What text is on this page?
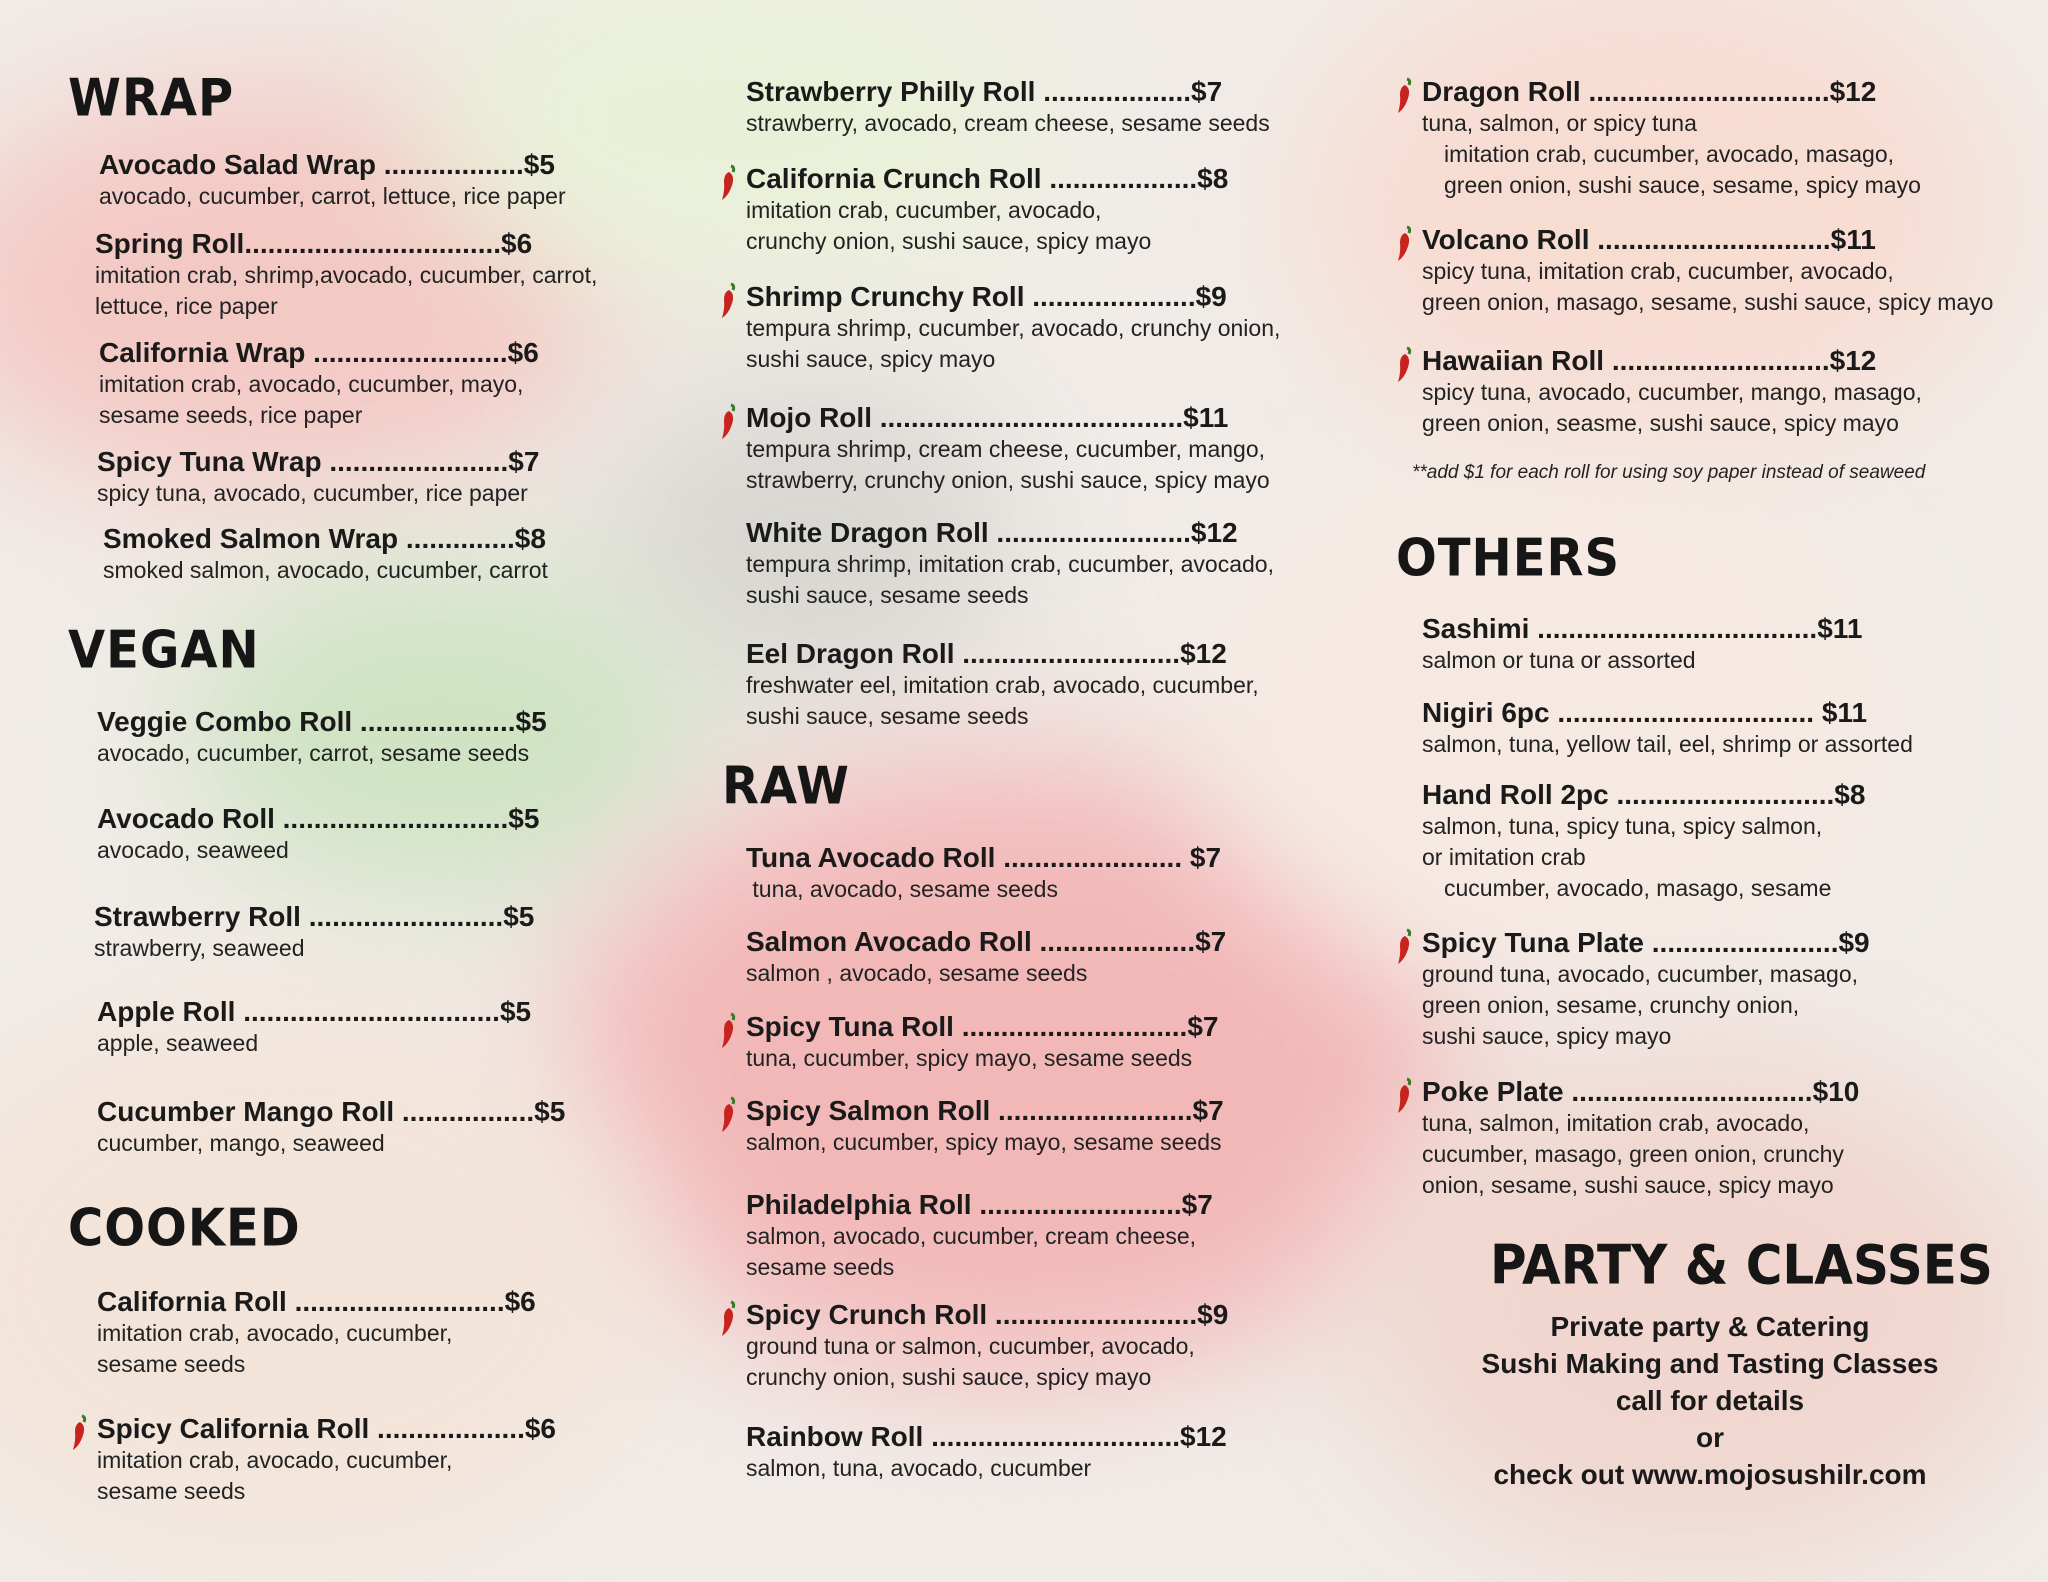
WRAP
Avocado Salad Wrap ..................$5
avocado, cucumber, carrot, lettuce, rice paper
Spring Roll.................................$6
imitation crab, shrimp,avocado, cucumber, carrot,
lettuce, rice paper
California Wrap .........................$6
imitation crab, avocado, cucumber, mayo,
sesame seeds, rice paper
Spicy Tuna Wrap .......................$7
spicy tuna, avocado, cucumber, rice paper
Smoked Salmon Wrap ..............$8
smoked salmon, avocado, cucumber, carrot
VEGAN
Veggie Combo Roll ....................$5
avocado, cucumber, carrot, sesame seeds
Avocado Roll .............................$5
avocado, seaweed
Strawberry Roll .........................$5
strawberry, seaweed
Apple Roll .................................$5
apple, seaweed
Cucumber Mango Roll .................$5
cucumber, mango, seaweed
COOKED
California Roll ...........................$6
imitation crab, avocado, cucumber,
sesame seeds
Spicy California Roll ...................$6
imitation crab, avocado, cucumber,
sesame seeds
Strawberry Philly Roll ...................$7
strawberry, avocado, cream cheese, sesame seeds
California Crunch Roll ...................$8
imitation crab, cucumber, avocado,
crunchy onion, sushi sauce, spicy mayo
Shrimp Crunchy Roll .....................$9
tempura shrimp, cucumber, avocado, crunchy onion,
sushi sauce, spicy mayo
Mojo Roll .......................................$11
tempura shrimp, cream cheese, cucumber, mango,
strawberry, crunchy onion, sushi sauce, spicy mayo
White Dragon Roll .........................$12
tempura shrimp, imitation crab, cucumber, avocado,
sushi sauce, sesame seeds
Eel Dragon Roll ............................$12
freshwater eel, imitation crab, avocado, cucumber,
sushi sauce, sesame seeds
RAW
Tuna Avocado Roll ....................... $7
tuna, avocado, sesame seeds
Salmon Avocado Roll ....................$7
salmon , avocado, sesame seeds
Spicy Tuna Roll .............................$7
tuna, cucumber, spicy mayo, sesame seeds
Spicy Salmon Roll .........................$7
salmon, cucumber, spicy mayo, sesame seeds
Philadelphia Roll ..........................$7
salmon, avocado, cucumber, cream cheese,
sesame seeds
Spicy Crunch Roll ..........................$9
ground tuna or salmon, cucumber, avocado,
crunchy onion, sushi sauce, spicy mayo
Rainbow Roll ................................$12
salmon, tuna, avocado, cucumber
Dragon Roll ...............................$12
tuna, salmon, or spicy tuna
imitation crab, cucumber, avocado, masago,
green onion, sushi sauce, sesame, spicy mayo
Volcano Roll ..............................$11
spicy tuna, imitation crab, cucumber, avocado,
green onion, masago, sesame, sushi sauce, spicy mayo
Hawaiian Roll ............................$12
spicy tuna, avocado, cucumber, mango, masago,
green onion, seasme, sushi sauce, spicy mayo
**add $1 for each roll for using soy paper instead of seaweed
OTHERS
Sashimi ....................................$11
salmon or tuna or assorted
Nigiri 6pc ................................. $11
salmon, tuna, yellow tail, eel, shrimp or assorted
Hand Roll 2pc ............................$8
salmon, tuna, spicy tuna, spicy salmon,
or imitation crab
cucumber, avocado, masago, sesame
Spicy Tuna Plate ........................$9
ground tuna, avocado, cucumber, masago,
green onion, sesame, crunchy onion,
sushi sauce, spicy mayo
Poke Plate ...............................$10
tuna, salmon, imitation crab, avocado,
cucumber, masago, green onion, crunchy
onion, sesame, sushi sauce, spicy mayo
PARTY & CLASSES
Private party & Catering
Sushi Making and Tasting Classes
call for details
or
check out www.mojosushilr.com
